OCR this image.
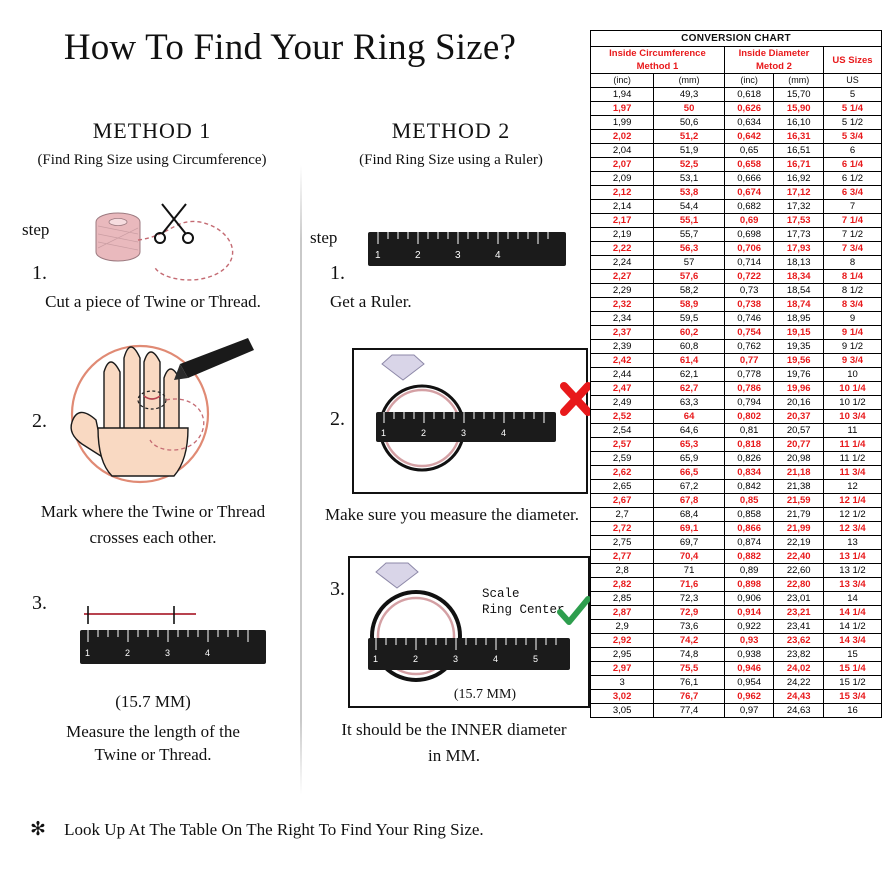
How To Find Your Ring Size?
METHOD 1
(Find Ring Size using Circumference)
step
1.
Cut a piece of Twine or Thread.
2.
Mark where the Twine or Thread
crosses each other.
3.
1	2	3	4
(15.7 MM)
Measure the length of the
Twine or Thread.
METHOD 2
(Find Ring Size using a Ruler)
step
1.
1	2	3	4
Get a Ruler.
2.
1	2	3	4
Make sure you measure the diameter.
3.
1	2	3	4	5
Scale
Ring Center
(15.7 MM)
It should be the INNER diameter
in MM.
✻ Look Up At The Table On The Right To Find Your Ring Size.
CONVERSION CHART				
Inside Circumference
Method 1		Inside Diameter
Metod 2		US Sizes
(inc)	(mm)	(inc)	(mm)	US
1,94	49,3	0,618	15,70	5
1,97	50	0,626	15,90	5 1/4
1,99	50,6	0,634	16,10	5 1/2
2,02	51,2	0,642	16,31	5 3/4
2,04	51,9	0,65	16,51	6
2,07	52,5	0,658	16,71	6 1/4
2,09	53,1	0,666	16,92	6 1/2
2,12	53,8	0,674	17,12	6 3/4
2,14	54,4	0,682	17,32	7
2,17	55,1	0,69	17,53	7 1/4
2,19	55,7	0,698	17,73	7 1/2
2,22	56,3	0,706	17,93	7 3/4
2,24	57	0,714	18,13	8
2,27	57,6	0,722	18,34	8 1/4
2,29	58,2	0,73	18,54	8 1/2
2,32	58,9	0,738	18,74	8 3/4
2,34	59,5	0,746	18,95	9
2,37	60,2	0,754	19,15	9 1/4
2,39	60,8	0,762	19,35	9 1/2
2,42	61,4	0,77	19,56	9 3/4
2,44	62,1	0,778	19,76	10
2,47	62,7	0,786	19,96	10 1/4
2,49	63,3	0,794	20,16	10 1/2
2,52	64	0,802	20,37	10 3/4
2,54	64,6	0,81	20,57	11
2,57	65,3	0,818	20,77	11 1/4
2,59	65,9	0,826	20,98	11 1/2
2,62	66,5	0,834	21,18	11 3/4
2,65	67,2	0,842	21,38	12
2,67	67,8	0,85	21,59	12 1/4
2,7	68,4	0,858	21,79	12 1/2
2,72	69,1	0,866	21,99	12 3/4
2,75	69,7	0,874	22,19	13
2,77	70,4	0,882	22,40	13 1/4
2,8	71	0,89	22,60	13 1/2
2,82	71,6	0,898	22,80	13 3/4
2,85	72,3	0,906	23,01	14
2,87	72,9	0,914	23,21	14 1/4
2,9	73,6	0,922	23,41	14 1/2
2,92	74,2	0,93	23,62	14 3/4
2,95	74,8	0,938	23,82	15
2,97	75,5	0,946	24,02	15 1/4
3	76,1	0,954	24,22	15 1/2
3,02	76,7	0,962	24,43	15 3/4
3,05	77,4	0,97	24,63	16
